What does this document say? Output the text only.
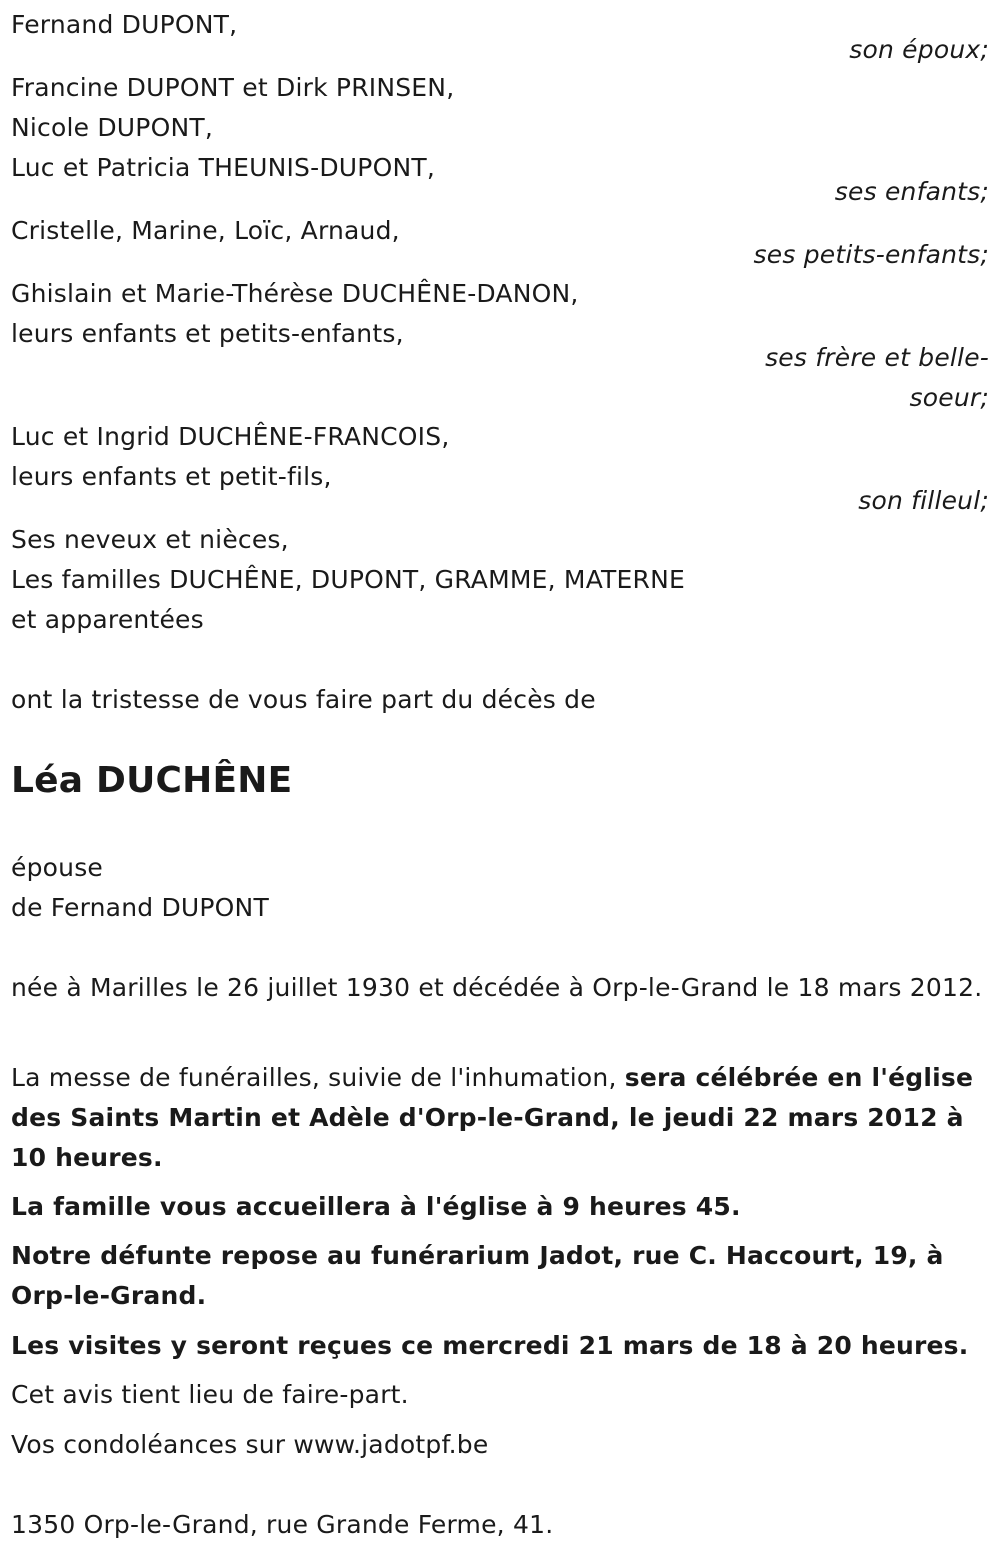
Fernand DUPONT,
son époux;
Francine DUPONT et Dirk PRINSEN,
Nicole DUPONT,
Luc et Patricia THEUNIS-DUPONT,
ses enfants;
Cristelle, Marine, Loïc, Arnaud,
ses petits-enfants;
Ghislain et Marie-Thérèse DUCHÊNE-DANON,
leurs enfants et petits-enfants,
ses frère et belle-
soeur;
Luc et Ingrid DUCHÊNE-FRANCOIS,
leurs enfants et petit-fils,
son filleul;
Ses neveux et nièces,
Les familles DUCHÊNE, DUPONT, GRAMME, MATERNE
et apparentées
ont la tristesse de vous faire part du décès de
Léa DUCHÊNE
épouse
de Fernand DUPONT
née à Marilles le 26 juillet 1930 et décédée à Orp-le-Grand le 18 mars 2012.
La messe de funérailles, suivie de l'inhumation, sera célébrée en l'église des Saints Martin et Adèle d'Orp-le-Grand, le jeudi 22 mars 2012 à 10 heures.
La famille vous accueillera à l'église à 9 heures 45.
Notre défunte repose au funérarium Jadot, rue C. Haccourt, 19, à Orp-le-Grand.
Les visites y seront reçues ce mercredi 21 mars de 18 à 20 heures.
Cet avis tient lieu de faire-part.
Vos condoléances sur www.jadotpf.be
1350 Orp-le-Grand, rue Grande Ferme, 41.
